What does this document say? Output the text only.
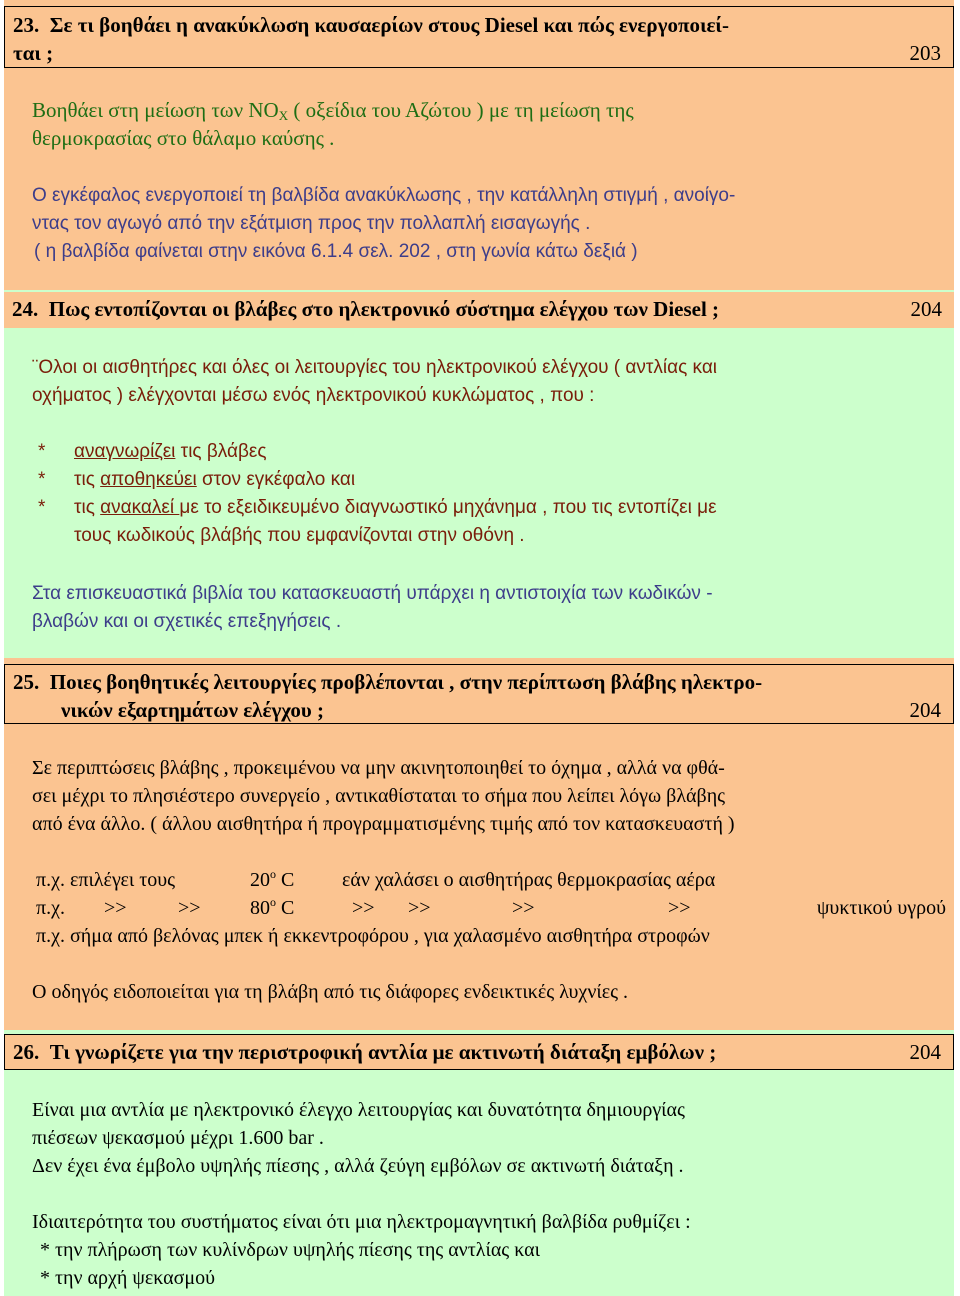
23. Σε τι βοηθάει η ανακύκλωση καυσαερίων στους Diesel και πώς ενεργοποιεί-
ται ;	203
Βοηθάει στη μείωση των $NO_X$ ( οξείδια του Αζώτου ) με τη μείωση της
θερμοκρασίας στο θάλαμο καύσης .
Ο εγκέφαλος ενεργοποιεί τη βαλβίδα ανακύκλωσης , την κατάλληλη στιγμή , ανοίγο-
ντας τον αγωγό από την εξάτμιση προς την πολλαπλή εισαγωγής .
( η βαλβίδα φαίνεται στην εικόνα 6.1.4 σελ. 202 , στη γωνία κάτω δεξιά )
24. Πως εντοπίζονται οι βλάβες στο ηλεκτρονικό σύστημα ελέγχου των Diesel ;	204
¨Ολοι οι αισθητήρες και όλες οι λειτουργίες του ηλεκτρονικού ελέγχου ( αντλίας και
οχήματος ) ελέγχονται μέσω ενός ηλεκτρονικού κυκλώματος , που :
* αναγνωρίζει τις βλάβες
* τις αποθηκεύει στον εγκέφαλο και
* τις ανακαλεί με το εξειδικευμένο διαγνωστικό μηχάνημα , που τις εντοπίζει με
τους κωδικούς βλάβής που εμφανίζονται στην οθόνη .
Στα επισκευαστικά βιβλία του κατασκευαστή υπάρχει η αντιστοιχία των κωδικών -
βλαβών και οι σχετικές επεξηγήσεις .
25. Ποιες βοηθητικές λειτουργίες προβλέπονται , στην περίπτωση βλάβης ηλεκτρο-
νικών εξαρτημάτων ελέγχου ;	204
Σε περιπτώσεις βλάβης , προκειμένου να μην ακινητοποιηθεί το όχημα , αλλά να φθά-
σει μέχρι το πλησιέστερο συνεργείο , αντικαθίσταται το σήμα που λείπει λόγω βλάβης
από ένα άλλο. ( άλλου αισθητήρα ή προγραμματισμένης τιμής από τον κατασκευαστή )
π.χ. επιλέγει τους	20$^o$ C εάν χαλάσει ο αισθητήρας θερμοκρασίας αέρα
π.χ. >>	>> $80^o$ C	>> >>	>>	>>	ψυκτικού υγρού
π.χ. σήμα από βελόνας μπεκ ή εκκεντροφόρου , για χαλασμένο αισθητήρα στροφών
Ο οδηγός ειδοποιείται για τη βλάβη από τις διάφορες ενδεικτικές λυχνίες .
26. Τι γνωρίζετε για την περιστροφική αντλία με ακτινωτή διάταξη εμβόλων ;	204
Είναι μια αντλία με ηλεκτρονικό έλεγχο λειτουργίας και δυνατότητα δημιουργίας
πιέσεων ψεκασμού μέχρι 1.600 bar .
Δεν έχει ένα έμβολο υψηλής πίεσης , αλλά ζεύγη εμβόλων σε ακτινωτή διάταξη .
Ιδιαιτερότητα του συστήματος είναι ότι μια ηλεκτρομαγνητική βαλβίδα ρυθμίζει :
* την πλήρωση των κυλίνδρων υψηλής πίεσης της αντλίας και
* την αρχή ψεκασμού
